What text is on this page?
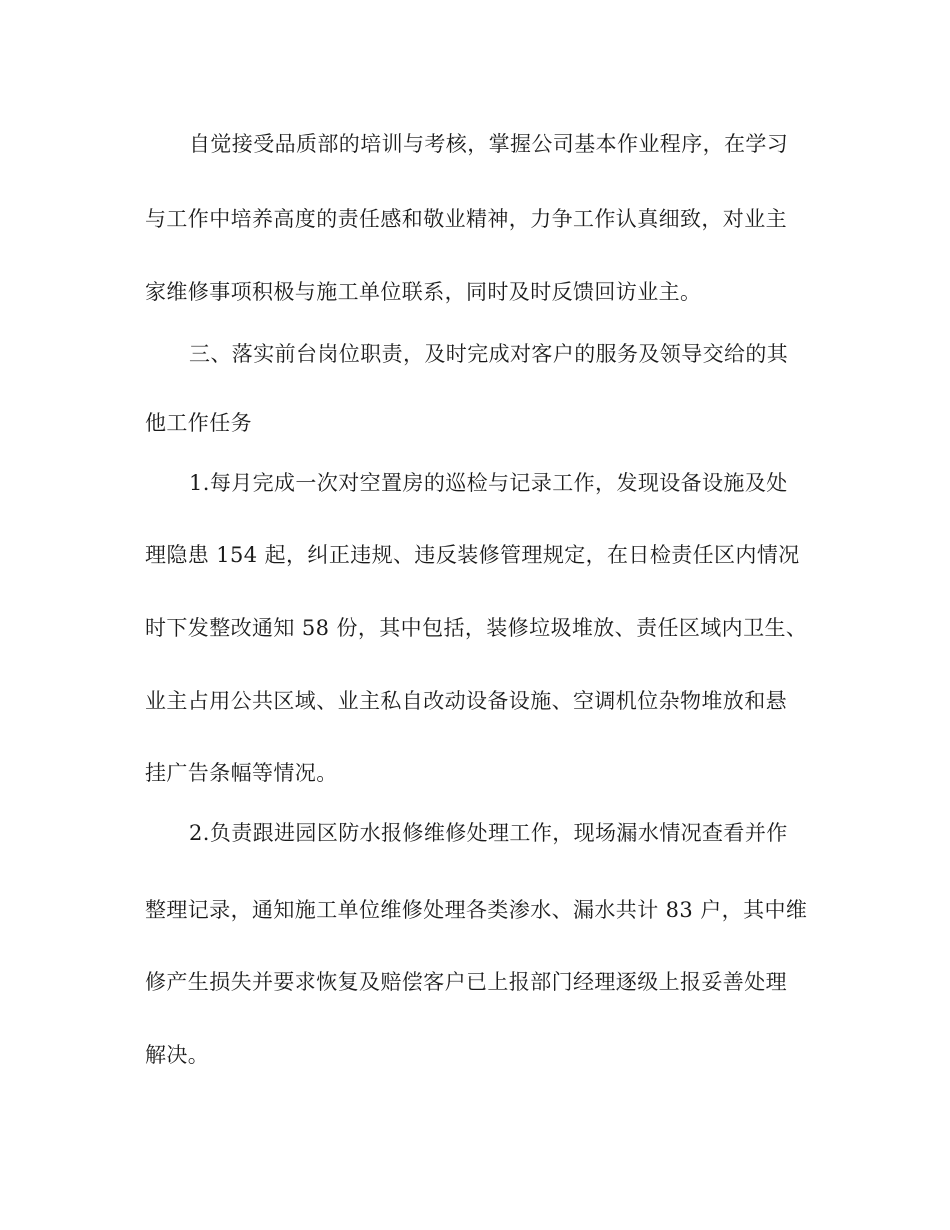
自觉接受品质部的培训与考核，掌握公司基本作业程序，在学习
与工作中培养高度的责任感和敬业精神，力争工作认真细致，对业主
家维修事项积极与施工单位联系，同时及时反馈回访业主。
三、落实前台岗位职责，及时完成对客户的服务及领导交给的其
他工作任务
1.每月完成一次对空置房的巡检与记录工作，发现设备设施及处
理隐患 154 起，纠正违规、违反装修管理规定，在日检责任区内情况
时下发整改通知 58 份，其中包括，装修垃圾堆放、责任区域内卫生、
业主占用公共区域、业主私自改动设备设施、空调机位杂物堆放和悬
挂广告条幅等情况。
2.负责跟进园区防水报修维修处理工作，现场漏水情况查看并作
整理记录，通知施工单位维修处理各类渗水、漏水共计 83 户，其中维
修产生损失并要求恢复及赔偿客户已上报部门经理逐级上报妥善处理
解决。
